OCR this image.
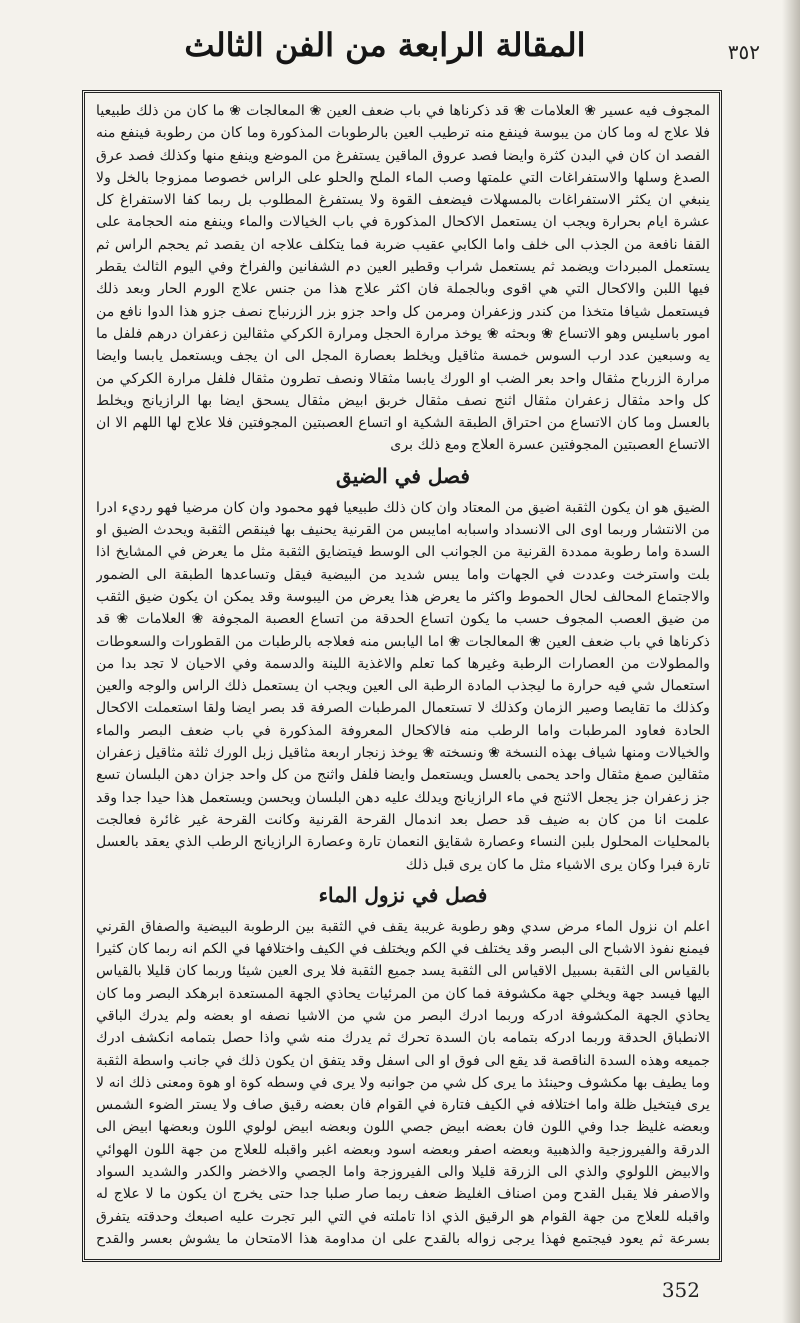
المقالة الرابعة من الفن الثالث	٣٥٢

المجوف فيه عسير ❀ العلامات ❀ قد ذكرناها في باب ضعف العين ❀ المعالجات ❀ ما كان من ذلك طبيعيا فلا علاج له وما كان من يبوسة فينفع منه ترطيب العين بالرطوبات المذكورة وما كان من رطوبة فينفع منه الفصد ان كان في البدن كثرة وايضا فصد عروق الماقين يستفرغ من الموضع وينفع منها وكذلك فصد عرق الصدغ وسلها والاستفراغات التي علمتها وصب الماء الملح والحلو على الراس خصوصا ممزوجا بالخل ولا ينبغي ان يكثر الاستفراغات بالمسهلات فيضعف القوة ولا يستفرغ المطلوب بل ربما كفا الاستفراغ كل عشرة ايام بحرارة ويجب ان يستعمل الاكحال المذكورة في باب الخيالات والماء وينفع منه الحجامة على القفا نافعة من الجذب الى خلف واما الكابي عقيب ضربة فما يتكلف علاجه ان يقصد ثم يحجم الراس ثم يستعمل المبردات ويضمد ثم يستعمل شراب وقطير العين دم الشفانين والفراخ وفي اليوم الثالث يقطر فيها اللبن والاكحال التي هي اقوى وبالجملة فان اكثر علاج هذا من جنس علاج الورم الحار وبعد ذلك فيستعمل شيافا متخذا من كندر وزعفران ومرمن كل واحد جزو بزر الزرنباج نصف جزو هذا الدوا نافع من امور باسليس وهو الاتساع ❀ وبحثه ❀ يوخذ مرارة الحجل ومرارة الكركي مثقالين زعفران درهم فلفل ما يه وسبعين عدد ارب السوس خمسة مثاقيل ويخلط بعصارة المجل الى ان يجف ويستعمل يابسا وايضا مرارة الزرباح مثقال واحد بعر الضب او الورك يابسا مثقالا ونصف تطرون مثقال فلفل مرارة الكركي من كل واحد مثقال زعفران مثقال اثنج نصف مثقال خربق ابيض مثقال يسحق ايضا بها الرازيانج ويخلط بالعسل وما كان الاتساع من احتراق الطبقة الشكية او اتساع العصبتين المجوفتين فلا علاج لها اللهم الا ان الاتساع العصبتين المجوفتين عسرة العلاج ومع ذلك برى

فصل في الضيق

الضيق هو ان يكون الثقبة اضيق من المعتاد وان كان ذلك طبيعيا فهو محمود وان كان مرضيا فهو رديء ادرا من الانتشار وربما اوى الى الانسداد واسبابه امايبس من القرنية يحنيف بها فينقص الثقبة ويحدث الضيق او السدة واما رطوبة ممددة القرنية من الجوانب الى الوسط فيتضايق الثقبة مثل ما يعرض في المشايخ اذا بلت واسترخت وعددت في الجهات واما يبس شديد من البيضية فيقل وتساعدها الطبقة الى الضمور والاجتماع المحالف لحال الحموط واكثر ما يعرض هذا يعرض من اليبوسة وقد يمكن ان يكون ضيق الثقب من ضيق العصب المجوف حسب ما يكون اتساع الحدقة من اتساع العصبة المجوفة ❀ العلامات ❀ قد ذكرناها في باب ضعف العين ❀ المعالجات ❀ اما اليابس منه فعلاجه بالرطبات من القطورات والسعوطات والمطولات من العصارات الرطبة وغيرها كما تعلم والاغذية اللينة والدسمة وفي الاحيان لا تجد بدا من استعمال شي فيه حرارة ما ليجذب المادة الرطبة الى العين ويجب ان يستعمل ذلك الراس والوجه والعين وكذلك ما تقايصا وصير الزمان وكذلك لا تستعمال المرطبات الصرفة قد بصر ايضا ولقا استعملت الاكحال الحادة فعاود المرطبات واما الرطب منه فالاكحال المعروفة المذكورة في باب ضعف البصر والماء والخيالات ومنها شياف بهذه النسخة ❀ ونسخته ❀ يوخذ زنجار اربعة مثاقيل زبل الورك ثلثة مثاقيل زعفران مثقالين صمغ مثقال واحد يحمى بالعسل ويستعمل وايضا فلفل واثنج من كل واحد جزان دهن البلسان تسع جز زعفران جز يجعل الاثنج في ماء الرازيانج ويدلك عليه دهن البلسان ويحسن ويستعمل هذا حيدا جدا وقد علمت انا من كان به ضيف قد حصل بعد اندمال القرحة القرنية وكانت القرحة غير غائرة فعالجت بالمحليات المحلول بلبن النساء وعصارة شقايق النعمان تارة وعصارة الرازيانج الرطب الذي يعقد بالعسل تارة فبرا وكان يرى الاشياء مثل ما كان يرى قبل ذلك

فصل في نزول الماء

اعلم ان نزول الماء مرض سدي وهو رطوبة غريبة يقف في الثقبة بين الرطوبة البيضية والصفاق القرني فيمنع نفوذ الاشباح الى البصر وقد يختلف في الكم ويختلف في الكيف واختلافها في الكم انه ربما كان كثيرا بالقياس الى الثقبة بسبيل الاقياس الى الثقبة يسد جميع الثقبة فلا يرى العين شيئا وربما كان قليلا بالقياس اليها فيسد جهة ويخلي جهة مكشوفة فما كان من المرئيات يحاذي الجهة المستعدة ابرهكد البصر وما كان يحاذي الجهة المكشوفة ادركه وربما ادرك البصر من شي من الاشيا نصفه او بعضه ولم يدرك الباقي الانطباق الحدقة وربما ادركه بتمامه بان السدة تحرك ثم يدرك منه شي واذا حصل بتمامه انكشف ادرك جميعه وهذه السدة الناقصة قد يقع الى فوق او الى اسفل وقد يتفق ان يكون ذلك في جانب واسطة الثقبة وما يطيف بها مكشوف وحينئذ ما يرى كل شي من جوانبه ولا يرى في وسطه كوة او هوة ومعنى ذلك انه لا يرى فيتخيل ظلة واما اختلافه في الكيف فتارة في القوام فان بعضه رقيق صاف ولا يستر الضوء الشمس وبعضه غليظ جدا وفي اللون فان بعضه ابيض جصي اللون وبعضه ابيض لولوي اللون وبعضها ابيض الى الدرقة والفيروزجية والذهبية وبعضه اصفر وبعضه اسود وبعضه اغبر واقبله للعلاج من جهة اللون الهوائي والابيض اللولوي والذي الى الزرقة قليلا والى الفيروزجة واما الجصي والاخضر والكدر والشديد السواد والاصفر فلا يقبل القدح ومن اصناف الغليظ ضعف ربما صار صلبا جدا حتى يخرج ان يكون ما لا علاج له واقبله للعلاج من جهة القوام هو الرقيق الذي اذا تاملته في التي البر تجرت عليه اصبعك وحدقته يتفرق بسرعة ثم يعود فيجتمع فهذا يرجى زواله بالقدح على ان مداومة هذا الامتحان ما يشوش بعسر والقدح

352
